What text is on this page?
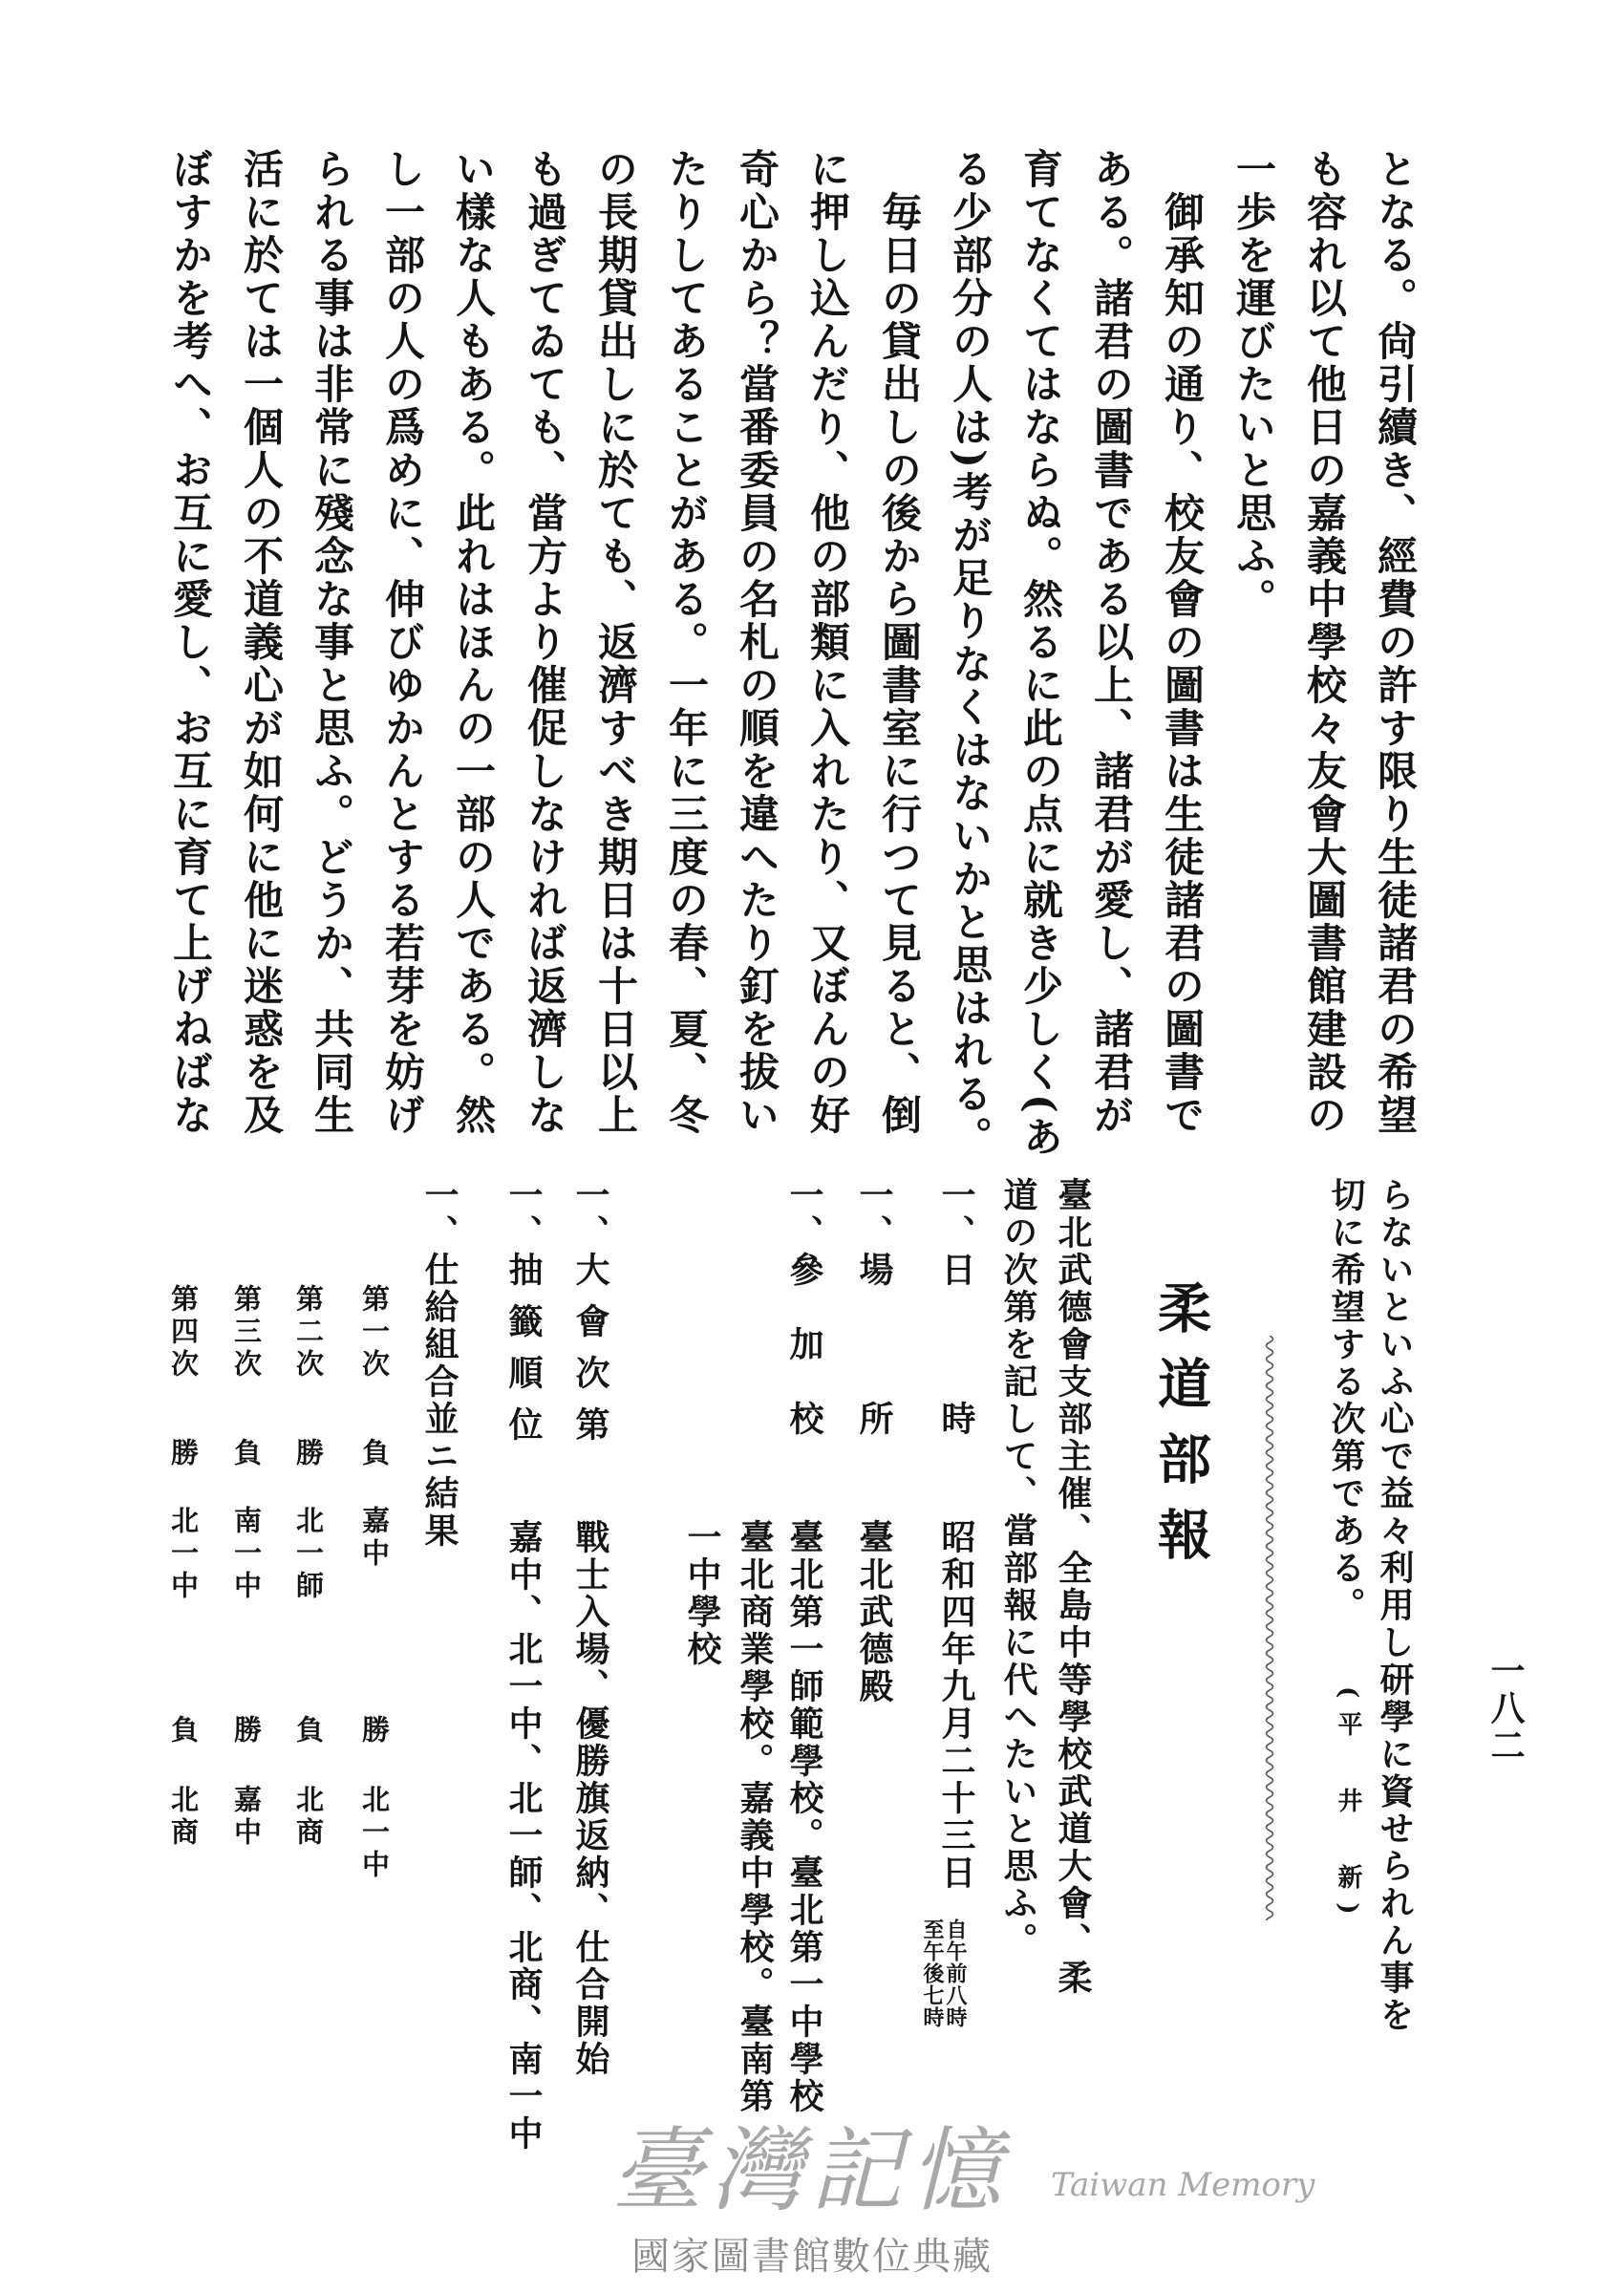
一八二
となる。尙引續き、經費の許す限り生徒諸君の希望
も容れ以て他日の嘉義中學校々友會大圖書館建設の
一歩を運びたいと思ふ。
御承知の通り、校友會の圖書は生徒諸君の圖書で
ある。諸君の圖書である以上、諸君が愛し、諸君が
育てなくてはならぬ。然るに此の点に就き少しく(あ
る少部分の人は)考が足りなくはないかと思はれる。
毎日の貸出しの後から圖書室に行つて見ると、倒
に押し込んだり、他の部類に入れたり、又ぼんの好
奇心から？當番委員の名札の順を違へたり釘を拔い
たりしてあることがある。一年に三度の春、夏、冬
の長期貸出しに於ても、返濟すべき期日は十日以上
も過ぎてゐても、當方より催促しなければ返濟しな
い樣な人もある。此れはほんの一部の人である。然
し一部の人の爲めに、伸びゆかんとする若芽を妨げ
られる事は非常に殘念な事と思ふ。どうか、共同生
活に於ては一個人の不道義心が如何に他に迷惑を及
ぼすかを考へ、お互に愛し、お互に育て上げねばな
らないといふ心で益々利用し研學に資せられん事を
切に希望する次第である。
(平　井　新)
柔道部報
臺北武德會支部主催、全島中等學校武道大會、柔
道の次第を記して、當部報に代へたいと思ふ。
一、
日　　　時
昭和四年九月二十三日
自午前八時
至午後七時
一、
場　　　所
臺北武德殿
一、
參　加　校
臺北第一師範學校。臺北第一中學校
臺北商業學校。嘉義中學校。臺南第
一中學校
一、
大會次第
戰士入場、優勝旗返納、仕合開始
一、
抽籤順位
嘉中、北一中、北一師、北商、南一中
一、
仕給組合並ニ結果
第一次
負
嘉中
勝
北一中
第二次
勝
北一師
負
北商
第三次
負
南一中
勝
嘉中
第四次
勝
北一中
負
北商
臺灣記憶 Taiwan Memory
國家圖書館數位典藏
